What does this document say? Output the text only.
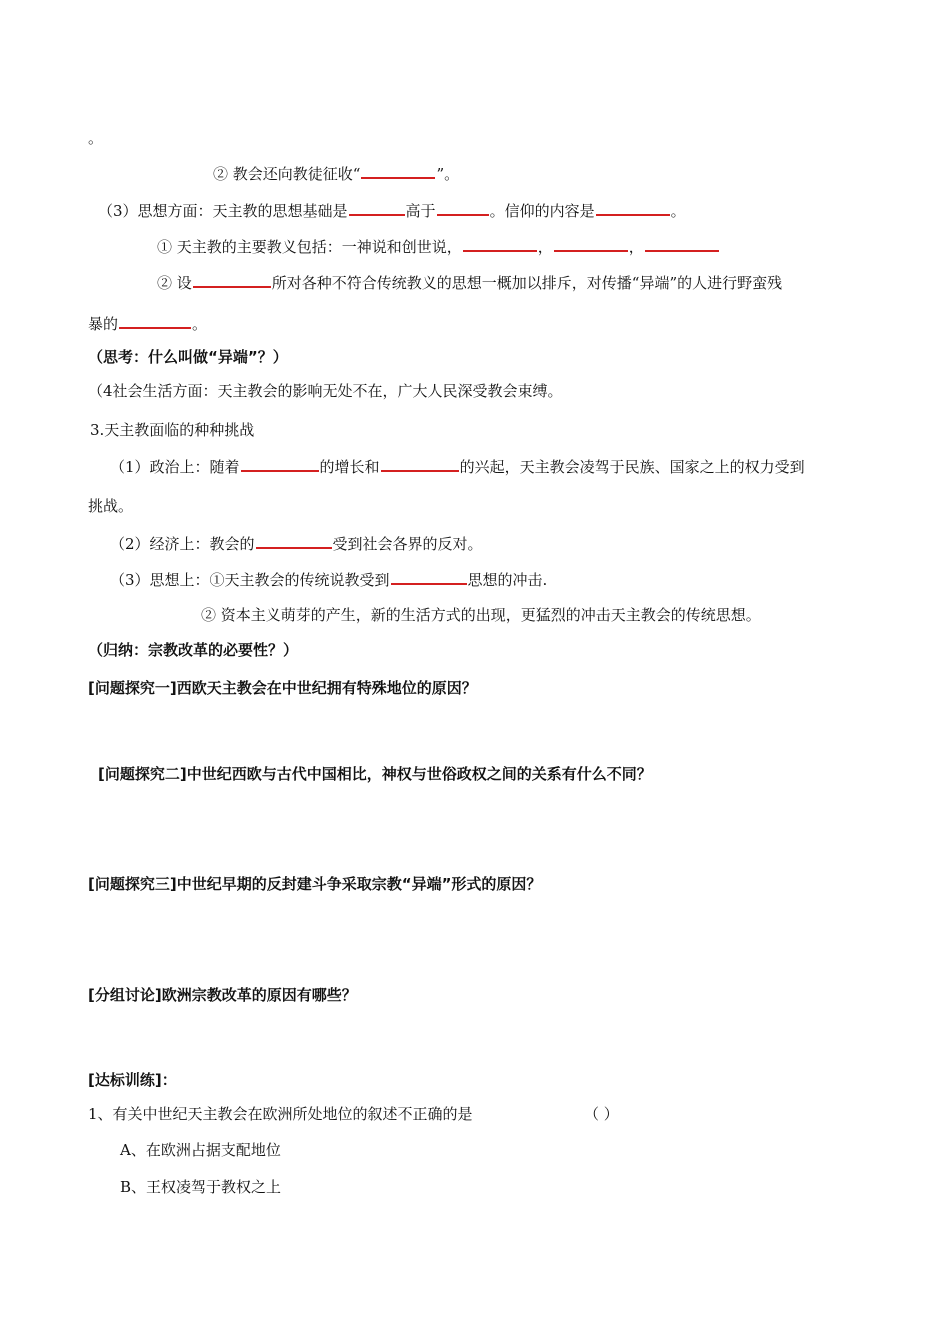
。
② 教会还向教徒征收“	”。
（3）思想方面：天主教的思想基础是	高于	。信仰的内容是	。
① 天主教的主要教义包括：一神说和创世说，	，	，
② 设	所对各种不符合传统教义的思想一概加以排斥，对传播“异端”的人进行野蛮残
暴的	。
（思考：什么叫做“异端”？）
（4社会生活方面：天主教会的影响无处不在，广大人民深受教会束缚。
3.天主教面临的种种挑战
（1）政治上：随着	的增长和	的兴起，天主教会凌驾于民族、国家之上的权力受到
挑战。
（2）经济上：教会的	受到社会各界的反对。
（3）思想上：①天主教会的传统说教受到	思想的冲击.
② 资本主义萌芽的产生，新的生活方式的出现，更猛烈的冲击天主教会的传统思想。
（归纳：宗教改革的必要性？）
[问题探究一]西欧天主教会在中世纪拥有特殊地位的原因？
[问题探究二]中世纪西欧与古代中国相比，神权与世俗政权之间的关系有什么不同？
[问题探究三]中世纪早期的反封建斗争采取宗教“异端”形式的原因？
[分组讨论]欧洲宗教改革的原因有哪些？
[达标训练]：
1、有关中世纪天主教会在欧洲所处地位的叙述不正确的是	（ ）
A、在欧洲占据支配地位
B、王权凌驾于教权之上
